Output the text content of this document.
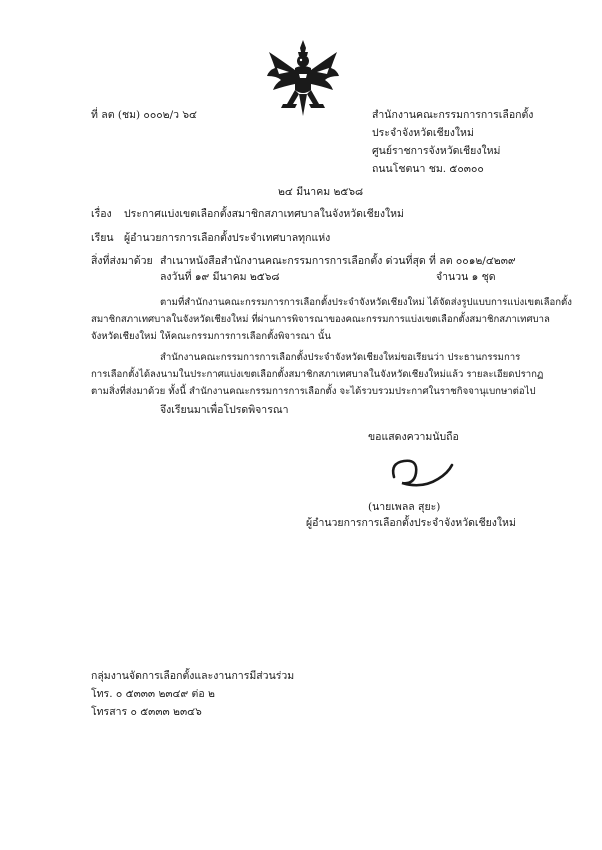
ที่ ลต (ชม) ๐๐๐๒/ว ๖๔	สำนักงานคณะกรรมการการเลือกตั้ง
ประจำจังหวัดเชียงใหม่
ศูนย์ราชการจังหวัดเชียงใหม่
ถนนโชตนา ชม. ๕๐๓๐๐
๒๔ มีนาคม ๒๕๖๘
เรื่อง ประกาศแบ่งเขตเลือกตั้งสมาชิกสภาเทศบาลในจังหวัดเชียงใหม่
เรียน ผู้อำนวยการการเลือกตั้งประจำเทศบาลทุกแห่ง
สิ่งที่ส่งมาด้วย สำเนาหนังสือสำนักงานคณะกรรมการการเลือกตั้ง ด่วนที่สุด ที่ ลต ๐๐๑๒/๔๒๓๙
ลงวันที่ ๑๙ มีนาคม ๒๕๖๘	จำนวน ๑ ชุด
ตามที่สำนักงานคณะกรรมการการเลือกตั้งประจำจังหวัดเชียงใหม่ ได้จัดส่งรูปแบบการแบ่งเขตเลือกตั้ง
สมาชิกสภาเทศบาลในจังหวัดเชียงใหม่ ที่ผ่านการพิจารณาของคณะกรรมการแบ่งเขตเลือกตั้งสมาชิกสภาเทศบาล
จังหวัดเชียงใหม่ ให้คณะกรรมการการเลือกตั้งพิจารณา นั้น
สำนักงานคณะกรรมการการเลือกตั้งประจำจังหวัดเชียงใหม่ขอเรียนว่า ประธานกรรมการ
การเลือกตั้งได้ลงนามในประกาศแบ่งเขตเลือกตั้งสมาชิกสภาเทศบาลในจังหวัดเชียงใหม่แล้ว รายละเอียดปรากฏ
ตามสิ่งที่ส่งมาด้วย ทั้งนี้ สำนักงานคณะกรรมการการเลือกตั้ง จะได้รวบรวมประกาศในราชกิจจานุเบกษาต่อไป
จึงเรียนมาเพื่อโปรดพิจารณา
ขอแสดงความนับถือ
(นายเพลล สุยะ)
ผู้อำนวยการการเลือกตั้งประจำจังหวัดเชียงใหม่
กลุ่มงานจัดการเลือกตั้งและงานการมีส่วนร่วม
โทร. ๐ ๕๓๓๓ ๒๓๔๙ ต่อ ๒
โทรสาร ๐ ๕๓๓๓ ๒๓๔๖
